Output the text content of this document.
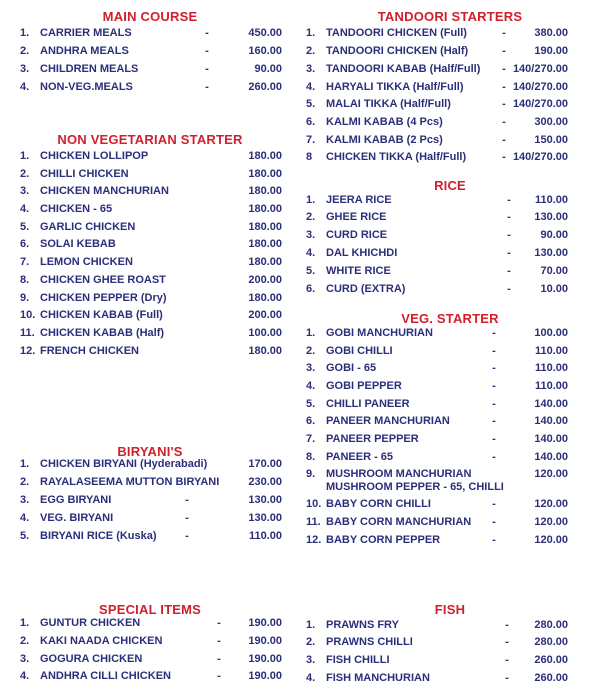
MAIN COURSE
1. CARRIER MEALS	-	450.00
2. ANDHRA MEALS	-	160.00
3. CHILDREN MEALS	-	90.00
4. NON-VEG.MEALS	-	260.00
NON VEGETARIAN STARTER
1. CHICKEN LOLLIPOP	180.00
2. CHILLI CHICKEN	180.00
3. CHICKEN MANCHURIAN	180.00
4. CHICKEN - 65	180.00
5. GARLIC CHICKEN	180.00
6. SOLAI KEBAB	180.00
7. LEMON CHICKEN	180.00
8. CHICKEN GHEE ROAST	200.00
9. CHICKEN PEPPER (Dry)	180.00
10. CHICKEN KABAB (Full)	200.00
11. CHICKEN KABAB (Half)	100.00
12. FRENCH CHICKEN	180.00
BIRYANI'S
1. CHICKEN BIRYANI (Hyderabadi)	170.00
2. RAYALASEEMA MUTTON BIRYANI	230.00
3. EGG BIRYANI	-	130.00
4. VEG. BIRYANI	-	130.00
5. BIRYANI RICE (Kuska)	-	110.00
SPECIAL ITEMS
1. GUNTUR CHICKEN	-	190.00
2. KAKI NAADA CHICKEN	-	190.00
3. GOGURA CHICKEN	-	190.00
4. ANDHRA CILLI CHICKEN	-	190.00
TANDOORI STARTERS
1. TANDOORI CHICKEN (Full)	-	380.00
2. TANDOORI CHICKEN (Half)	-	190.00
3. TANDOORI KABAB (Half/Full) - 140/270.00
4. HARYALI TIKKA (Half/Full)	- 140/270.00
5. MALAI TIKKA (Half/Full)	- 140/270.00
6. KALMI KABAB (4 Pcs)	-	300.00
7. KALMI KABAB (2 Pcs)	-	150.00
8 CHICKEN TIKKA (Half/Full)	- 140/270.00
RICE
1. JEERA RICE	- 110.00
2. GHEE RICE	- 130.00
3. CURD RICE	-	90.00
4. DAL KHICHDI	- 130.00
5. WHITE RICE	-	70.00
6. CURD (EXTRA)	-	10.00
VEG. STARTER
1. GOBI MANCHURIAN	-	100.00
2. GOBI CHILLI	-	110.00
3. GOBI - 65	-	110.00
4. GOBI PEPPER	-	110.00
5. CHILLI PANEER	-	140.00
6. PANEER MANCHURIAN	-	140.00
7. PANEER PEPPER	-	140.00
8. PANEER - 65	-	140.00
9. MUSHROOM MANCHURIAN	120.00
MUSHROOM PEPPER - 65, CHILLI
10. BABY CORN CHILLI	-	120.00
11. BABY CORN MANCHURIAN -	120.00
12. BABY CORN PEPPER	-	120.00
FISH
1. PRAWNS FRY	- 280.00
2. PRAWNS CHILLI	- 280.00
3. FISH CHILLI	- 260.00
4. FISH MANCHURIAN	- 260.00
